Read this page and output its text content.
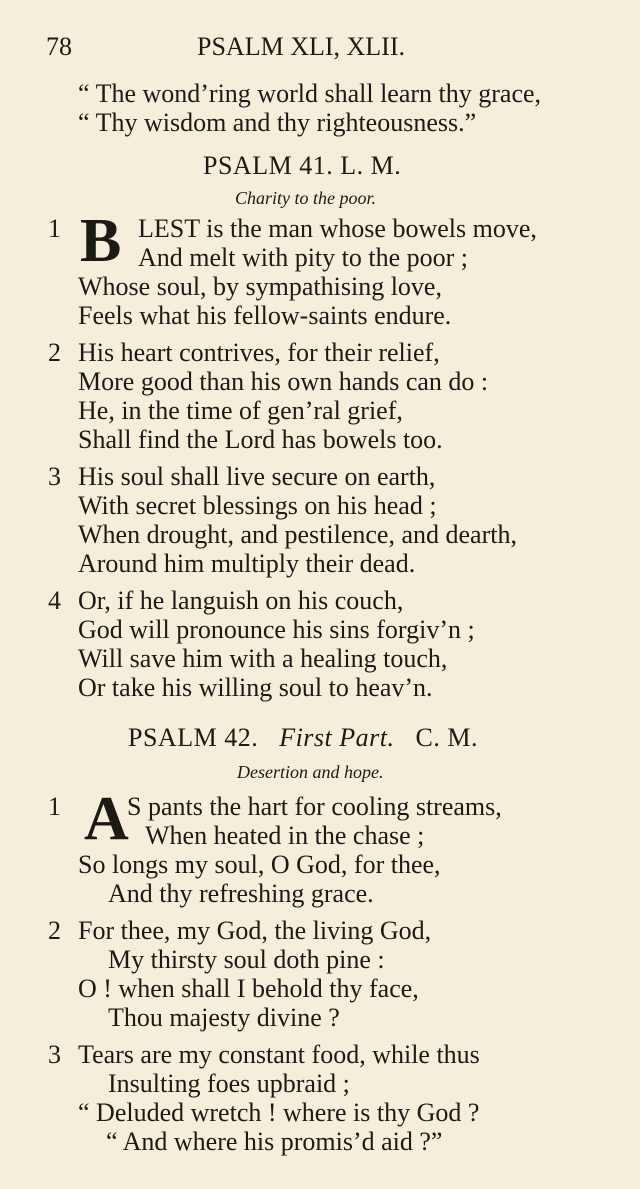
78	PSALM XLI, XLII.
“ The wond’ring world shall learn thy grace,
“ Thy wisdom and thy righteousness.”
PSALM 41. L. M.
Charity to the poor.
1 B LEST is the man whose bowels move,
And melt with pity to the poor ;
Whose soul, by sympathising love,
Feels what his fellow-saints endure.
2 His heart contrives, for their relief,
More good than his own hands can do :
He, in the time of gen’ral grief,
Shall find the Lord has bowels too.
3 His soul shall live secure on earth,
With secret blessings on his head ;
When drought, and pestilence, and dearth,
Around him multiply their dead.
4 Or, if he languish on his couch,
God will pronounce his sins forgiv’n ;
Will save him with a healing touch,
Or take his willing soul to heav’n.
PSALM 42. First Part. C. M.
Desertion and hope.
1 A
S pants the hart for cooling streams,
When heated in the chase ;
So longs my soul, O God, for thee,
And thy refreshing grace.
2 For thee, my God, the living God,
My thirsty soul doth pine :
O ! when shall I behold thy face,
Thou majesty divine ?
3 Tears are my constant food, while thus
Insulting foes upbraid ;
“ Deluded wretch ! where is thy God ?
“ And where his promis’d aid ?”
